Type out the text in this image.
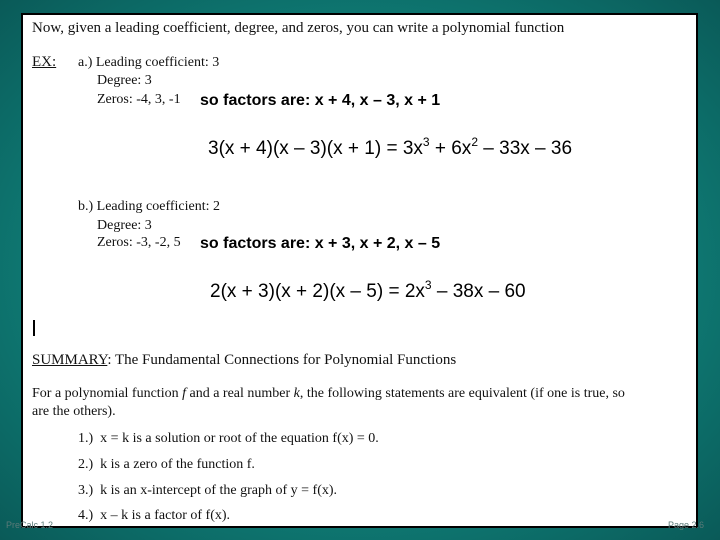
Now, given a leading coefficient, degree, and zeros, you can write a polynomial function
EX: a.) Leading coefficient: 3
Degree: 3
Zeros: -4, 3, -1 so factors are: x + 4, x – 3, x + 1
$3(x + 4)(x - 3)(x + 1) = 3x^3 + 6x^2 - 33x - 36$
b.) Leading coefficient: 2
Degree: 3
Zeros: -3, -2, 5 so factors are: x + 3, x + 2, x – 5
$2(x + 3)(x + 2)(x - 5) = 2x^3 - 38x - 60$
SUMMARY: The Fundamental Connections for Polynomial Functions
For a polynomial function f and a real number k, the following statements are equivalent (if one is true, so
are the others).
1.) x = k is a solution or root of the equation f(x) = 0.
2.) k is a zero of the function f.
3.) k is an x-intercept of the graph of y = f(x).
4.) x – k is a factor of f(x).
PreCalc 1.2	Page 2.6
